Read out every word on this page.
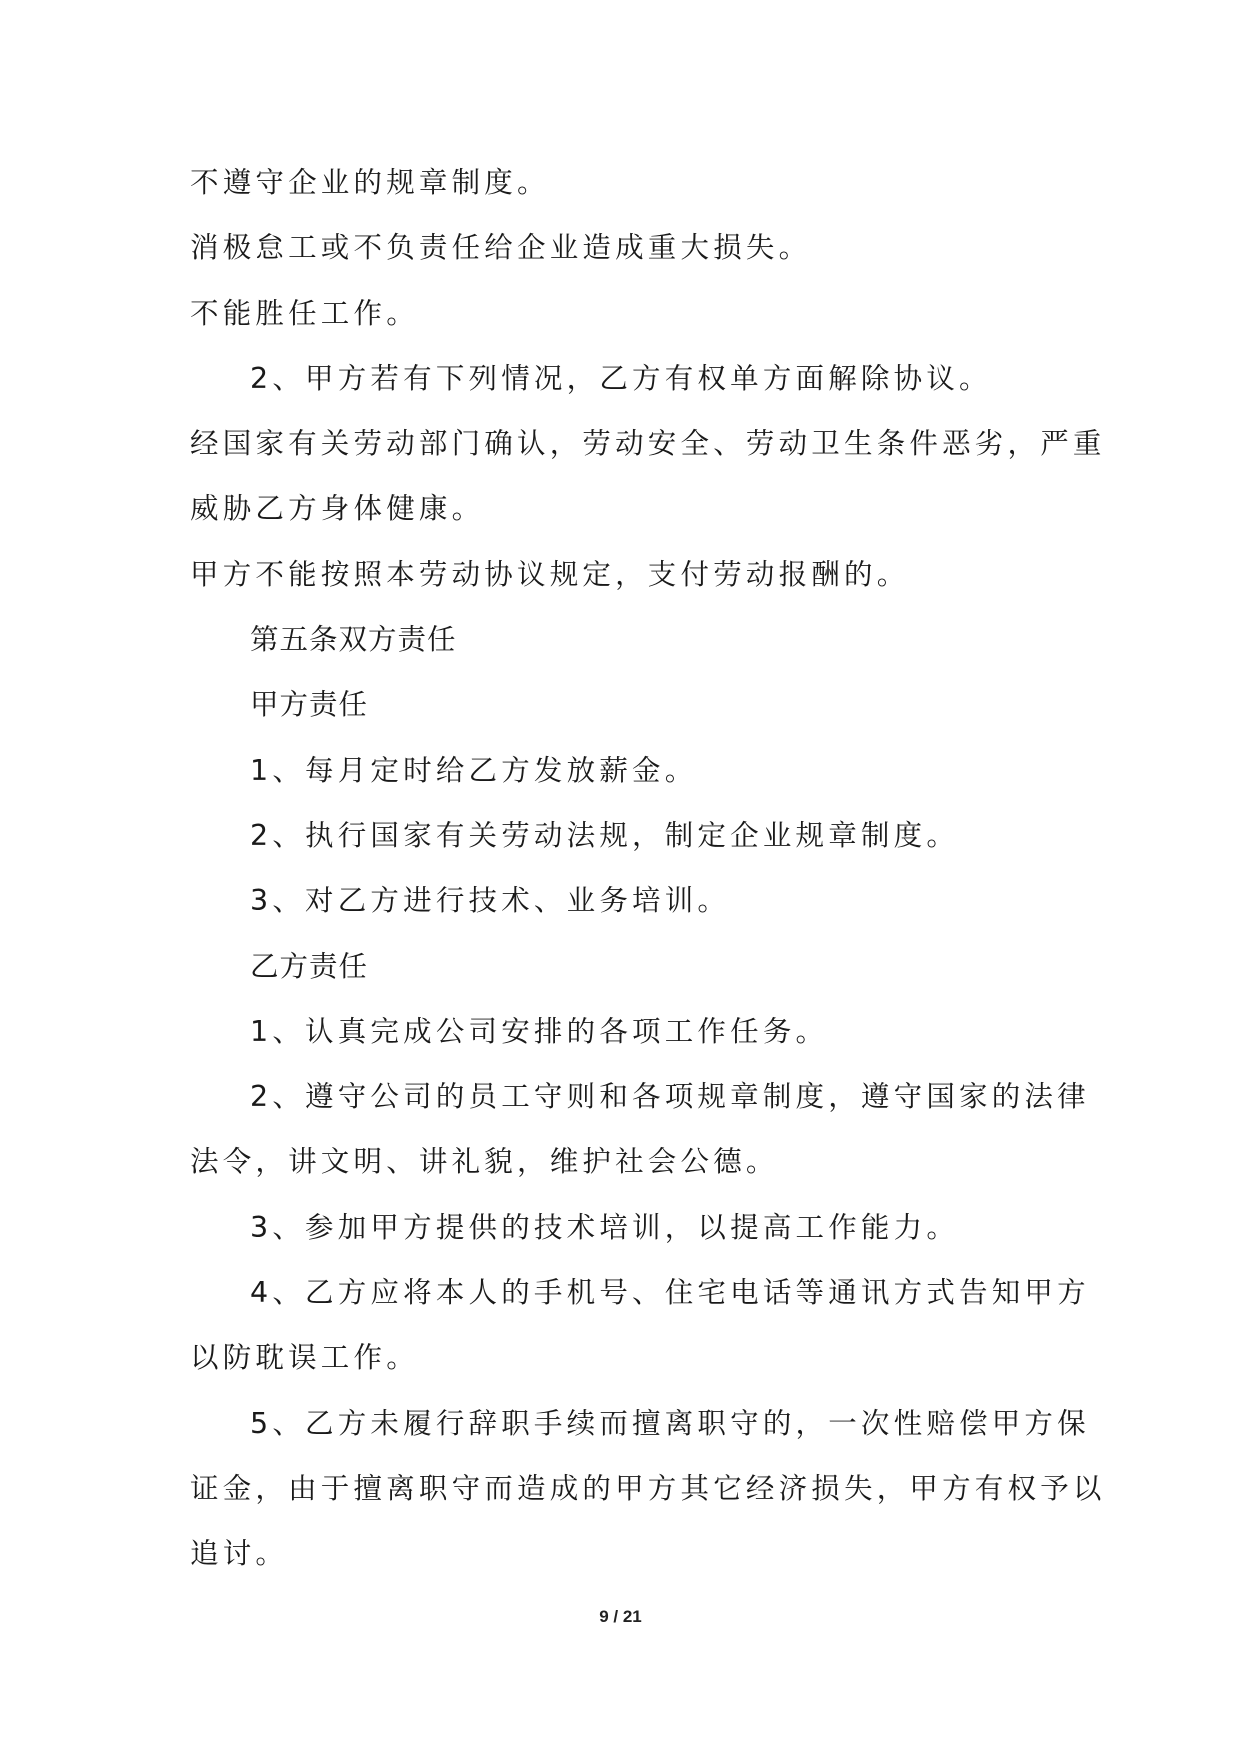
不遵守企业的规章制度。

消极怠工或不负责任给企业造成重大损失。

不能胜任工作。

2、甲方若有下列情况，乙方有权单方面解除协议。

经国家有关劳动部门确认，劳动安全、劳动卫生条件恶劣，严重

威胁乙方身体健康。

甲方不能按照本劳动协议规定，支付劳动报酬的。

第五条双方责任

甲方责任

1、每月定时给乙方发放薪金。

2、执行国家有关劳动法规，制定企业规章制度。

3、对乙方进行技术、业务培训。

乙方责任

1、认真完成公司安排的各项工作任务。

2、遵守公司的员工守则和各项规章制度，遵守国家的法律

法令，讲文明、讲礼貌，维护社会公德。

3、参加甲方提供的技术培训，以提高工作能力。

4、乙方应将本人的手机号、住宅电话等通讯方式告知甲方

以防耽误工作。

5、乙方未履行辞职手续而擅离职守的，一次性赔偿甲方保

证金，由于擅离职守而造成的甲方其它经济损失，甲方有权予以

追讨。

9 / 21
